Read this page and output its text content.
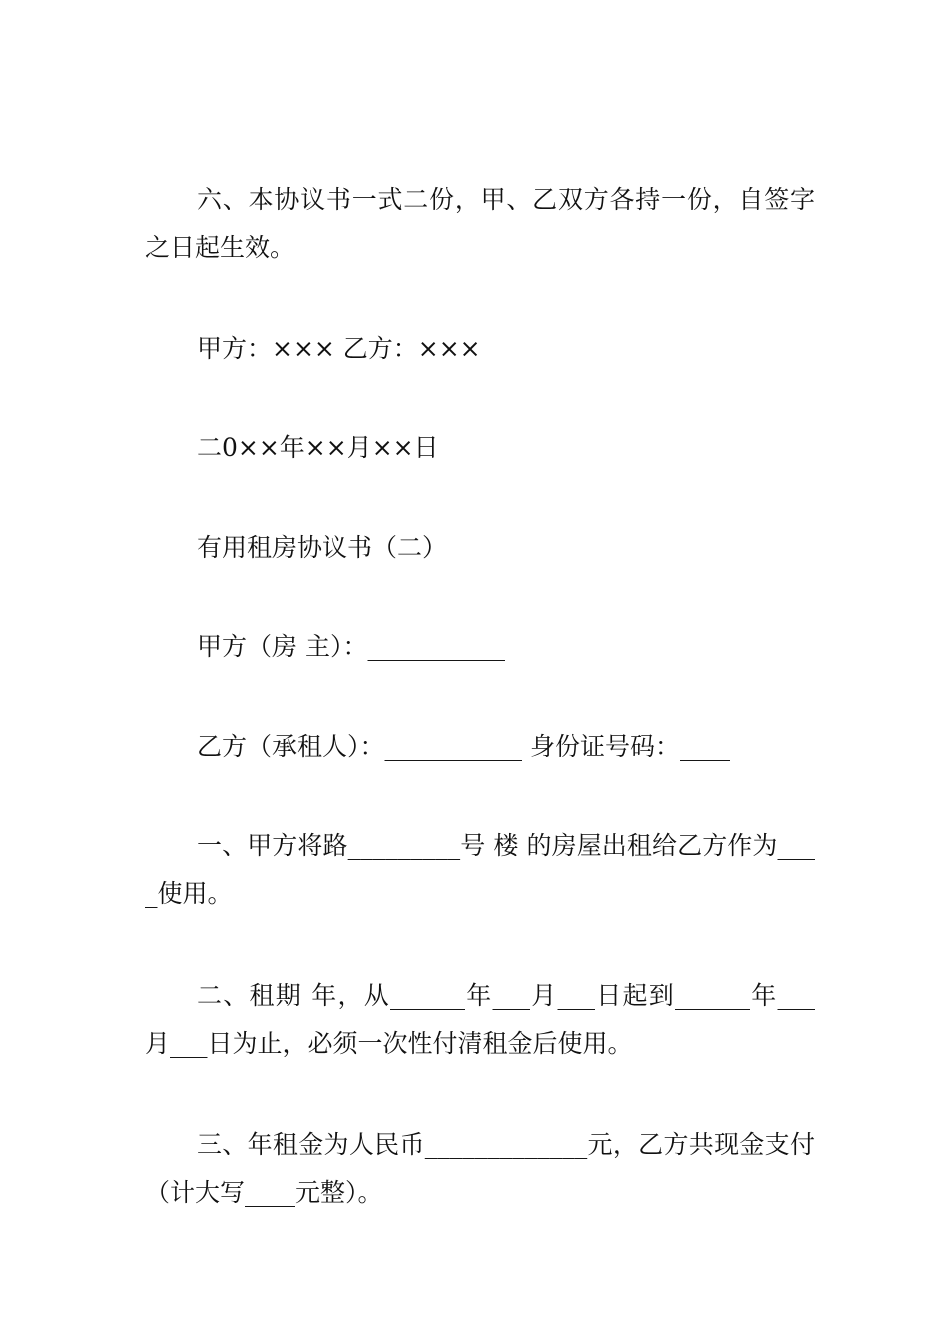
六、本协议书一式二份，甲、乙双方各持一份，自签字之日起生效。

甲方：××× 乙方：×××

二0××年××月××日

有用租房协议书（二）

甲方（房 主）：___________

乙方（承租人）：___________ 身份证号码：____

一、甲方将路_________号 楼 的房屋出租给乙方作为____使用。

二、租期 年，从______年___月___日起到______年___月___日为止，必须一次性付清租金后使用。

三、年租金为人民币_____________元，乙方共现金支付（计大写____元整）。
